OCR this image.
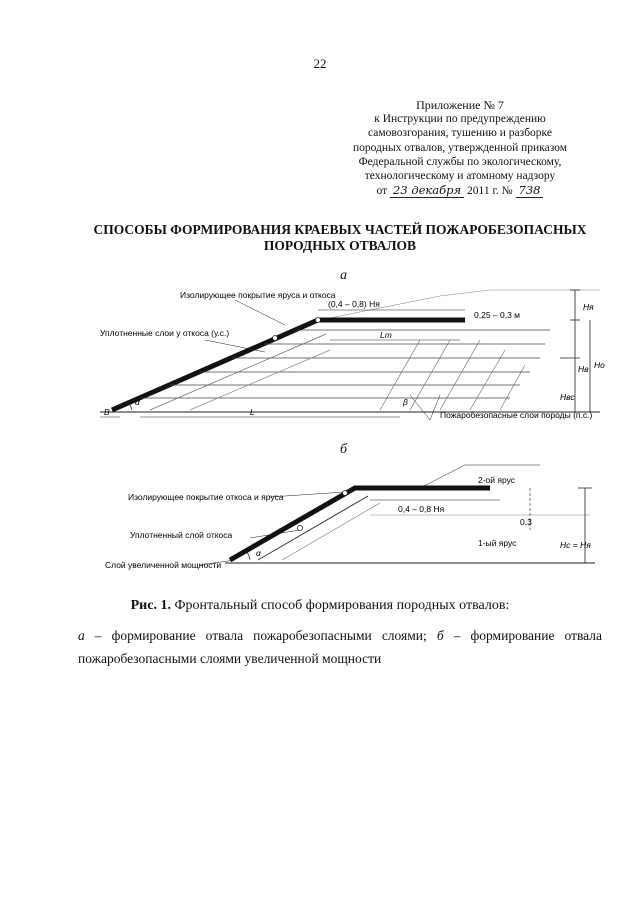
22
Приложение № 7
к Инструкции по предупреждению
самовозгорания, тушению и разборке
породных отвалов, утвержденной приказом
Федеральной службы по экологическому,
технологическому и атомному надзору
от 23 декабря 2011 г. № 738
СПОСОБЫ ФОРМИРОВАНИЯ КРАЕВЫХ ЧАСТЕЙ ПОЖАРОБЕЗОПАСНЫХ
ПОРОДНЫХ ОТВАЛОВ
а
б
Изолирующее покрытие яруса и откоса
Уплотненные слои у откоса (у.с.)
Пожаробезопасные слои породы (п.с.)
(0,4 – 0,8) Hя
0,25 – 0,3 м
Lт
L
B
α	β
Hя
Hо
Hв
Hвс
Изолирующее покрытие откоса и яруса
Уплотненный слой откоса
Слой увеличенной мощности
2-ой ярус
1-ый ярус
0,4 – 0,8 Hя
0,3
Hс = Hя
α
Рис. 1. Фронтальный способ формирования породных отвалов:
а – формирование отвала пожаробезопасными слоями; б – формирование отвала пожаробезопасными слоями увеличенной мощности
